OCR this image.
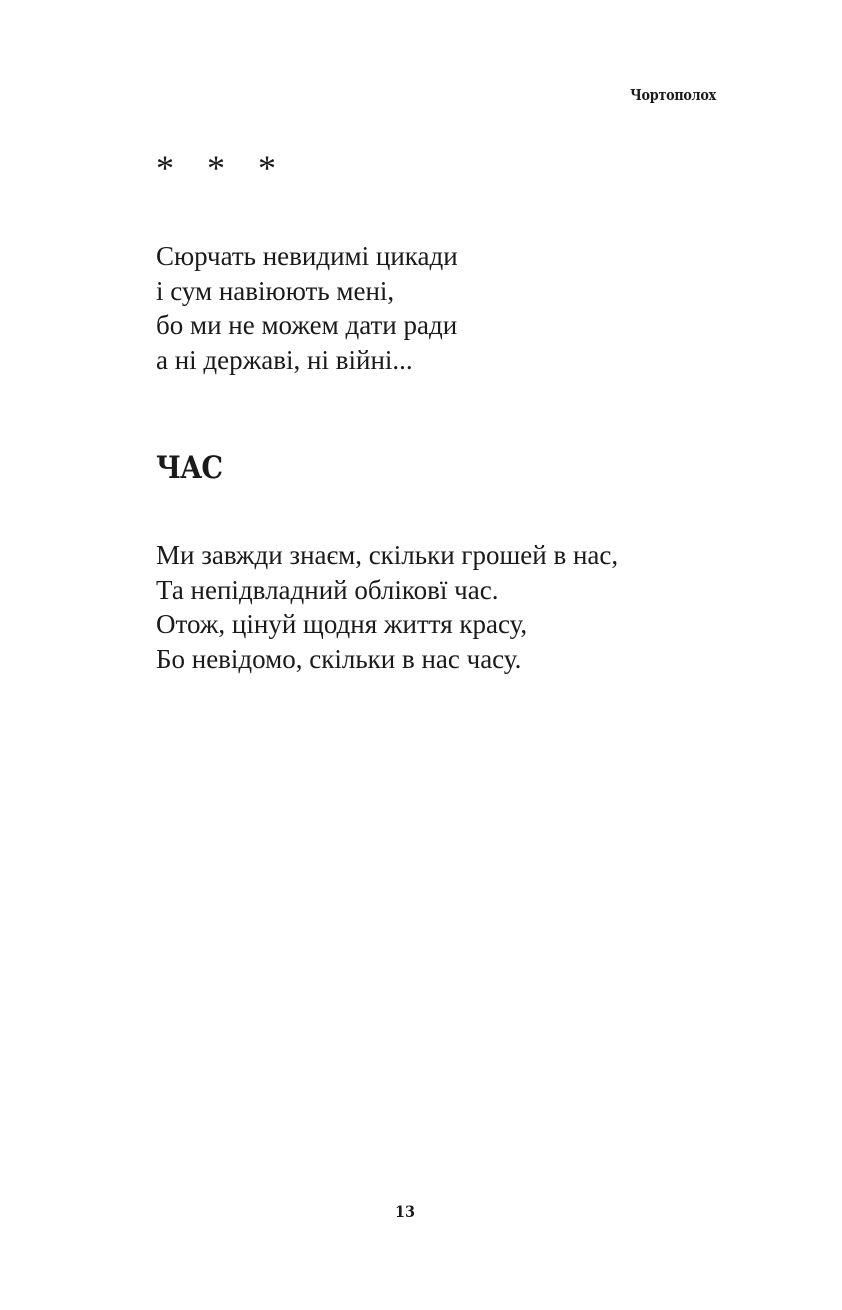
Чортополох
* * *

Сюрчать невидимі цикади
і сум навіюють мені,
бо ми не можем дати ради
а ні державі, ні війні...

ЧАС

Ми завжди знаєм, скільки грошей в нас,
Та непідвладний обліковї час.
Отож, цінуй щодня життя красу,
Бо невідомо, скільки в нас часу.

13
